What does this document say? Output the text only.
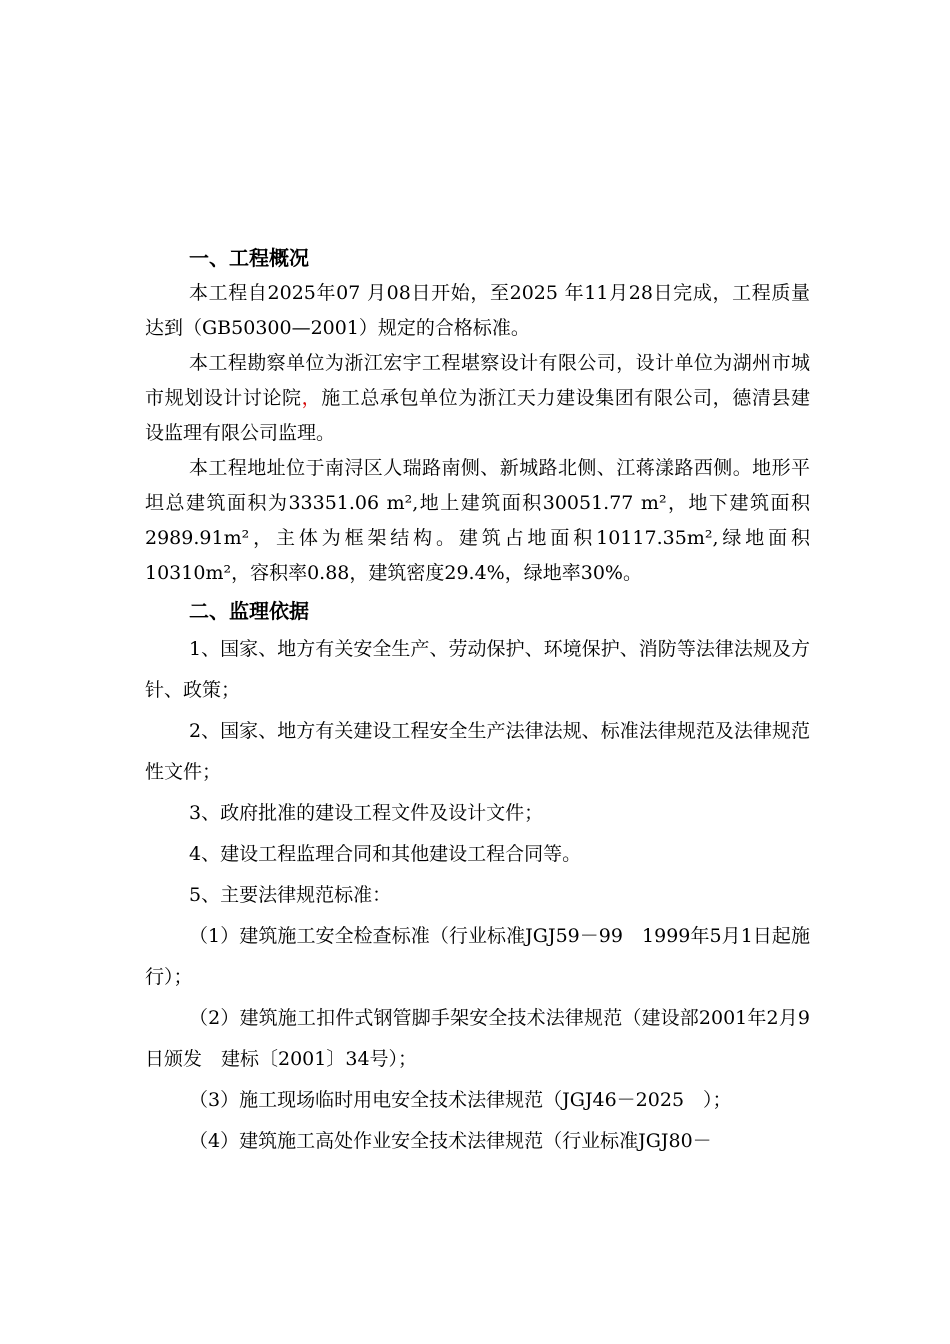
一、工程概况

本工程自2025年07 月08日开始，至2025 年11月28日完成，工程质量达到（GB50300—2001）规定的合格标准。

本工程勘察单位为浙江宏宇工程堪察设计有限公司，设计单位为湖州市城市规划设计讨论院，施工总承包单位为浙江天力建设集团有限公司，德清县建设监理有限公司监理。

本工程地址位于南浔区人瑞路南侧、新城路北侧、江蒋漾路西侧。地形平坦总建筑面积为33351.06 m²,地上建筑面积30051.77 m²，地下建筑面积2989.91m²，主体为框架结构。建筑占地面积10117.35m²,绿地面积10310m²，容积率0.88，建筑密度29.4%，绿地率30%。

二、监理依据

1、国家、地方有关安全生产、劳动保护、环境保护、消防等法律法规及方针、政策；

2、国家、地方有关建设工程安全生产法律法规、标准法律规范及法律规范性文件；

3、政府批准的建设工程文件及设计文件；

4、建设工程监理合同和其他建设工程合同等。

5、主要法律规范标准：

（1）建筑施工安全检查标准（行业标准JGJ59－99　1999年5月1日起施行）；

（2）建筑施工扣件式钢管脚手架安全技术法律规范（建设部2001年2月9日颁发　建标〔2001〕34号）；

（3）施工现场临时用电安全技术法律规范（JGJ46－2025　）；

（4）建筑施工高处作业安全技术法律规范（行业标准JGJ80－
